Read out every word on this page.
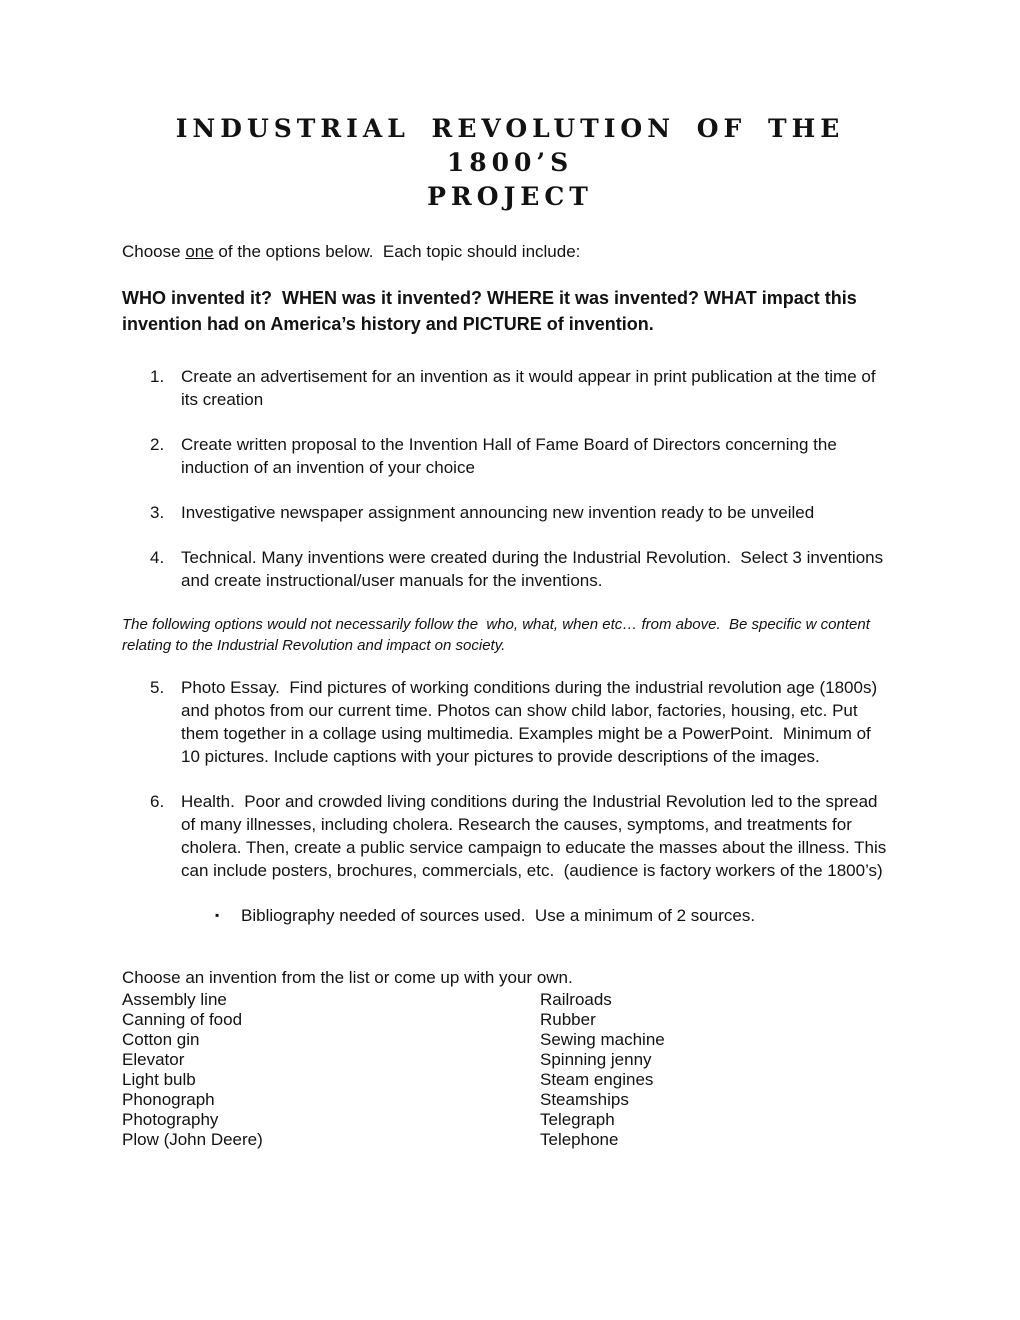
INDUSTRIAL REVOLUTION OF THE 1800’S
PROJECT

Choose one of the options below.  Each topic should include:

WHO invented it?  WHEN was it invented? WHERE it was invented? WHAT impact this invention had on America’s history and PICTURE of invention.

1. Create an advertisement for an invention as it would appear in print publication at the time of its creation
2. Create written proposal to the Invention Hall of Fame Board of Directors concerning the induction of an invention of your choice
3. Investigative newspaper assignment announcing new invention ready to be unveiled
4. Technical. Many inventions were created during the Industrial Revolution.  Select 3 inventions and create instructional/user manuals for the inventions.

The following options would not necessarily follow the  who, what, when etc… from above.  Be specific w content relating to the Industrial Revolution and impact on society.

5. Photo Essay.  Find pictures of working conditions during the industrial revolution age (1800s) and photos from our current time. Photos can show child labor, factories, housing, etc. Put them together in a collage using multimedia. Examples might be a PowerPoint.  Minimum of 10 pictures. Include captions with your pictures to provide descriptions of the images.
6. Health.  Poor and crowded living conditions during the Industrial Revolution led to the spread of many illnesses, including cholera. Research the causes, symptoms, and treatments for cholera. Then, create a public service campaign to educate the masses about the illness. This can include posters, brochures, commercials, etc.  (audience is factory workers of the 1800’s)
▪	Bibliography needed of sources used.  Use a minimum of 2 sources.

Choose an invention from the list or come up with your own.

Assembly line
Canning of food
Cotton gin
Elevator
Light bulb
Phonograph
Photography
Plow (John Deere)
Railroads
Rubber
Sewing machine
Spinning jenny
Steam engines
Steamships
Telegraph
Telephone
